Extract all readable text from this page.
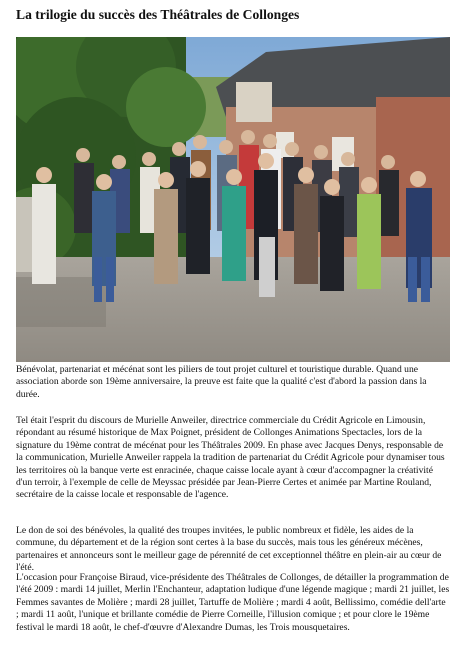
La trilogie du succès des Théâtrales de Collonges
Bénévolat, partenariat et mécénat sont les piliers de tout projet culturel et touristique durable. Quand une association aborde son 19ème anniversaire, la preuve est faite que la qualité c'est d'abord la passion dans la durée.
Tel était l'esprit du discours de Murielle Anweiler, directrice commerciale du Crédit Agricole en Limousin, répondant au résumé historique de Max Poignet, président de Collonges Animations Spectacles, lors de la signature du 19ème contrat de mécénat pour les Théâtrales 2009. En phase avec Jacques Denys, responsable de la communication, Murielle Anweiler rappela la tradition de partenariat du Crédit Agricole pour dynamiser tous les territoires où la banque verte est enracinée, chaque caisse locale ayant à cœur d'accompagner la créativité d'un terroir, à l'exemple de celle de Meyssac présidée par Jean-Pierre Certes et animée par Martine Rouland, secrétaire de la caisse locale et responsable de l'agence.
Le don de soi des bénévoles, la qualité des troupes invitées, le public nombreux et fidèle, les aides de la commune, du département et de la région sont certes à la base du succès, mais tous les généreux mécènes, partenaires et annonceurs sont le meilleur gage de pérennité de cet exceptionnel théâtre en plein-air au cœur de l'été.
L'occasion pour Françoise Biraud, vice-présidente des Théâtrales de Collonges, de détailler la programmation de l'été 2009 : mardi 14 juillet, Merlin l'Enchanteur, adaptation ludique d'une légende magique ; mardi 21 juillet, les Femmes savantes de Molière ; mardi 28 juillet, Tartuffe de Molière ; mardi 4 août, Bellissimo, comédie dell'arte ; mardi 11 août, l'unique et brillante comédie de Pierre Corneille, l'illusion comique ; et pour clore le 19ème festival le mardi 18 août, le chef-d'œuvre d'Alexandre Dumas, les Trois mousquetaires.
